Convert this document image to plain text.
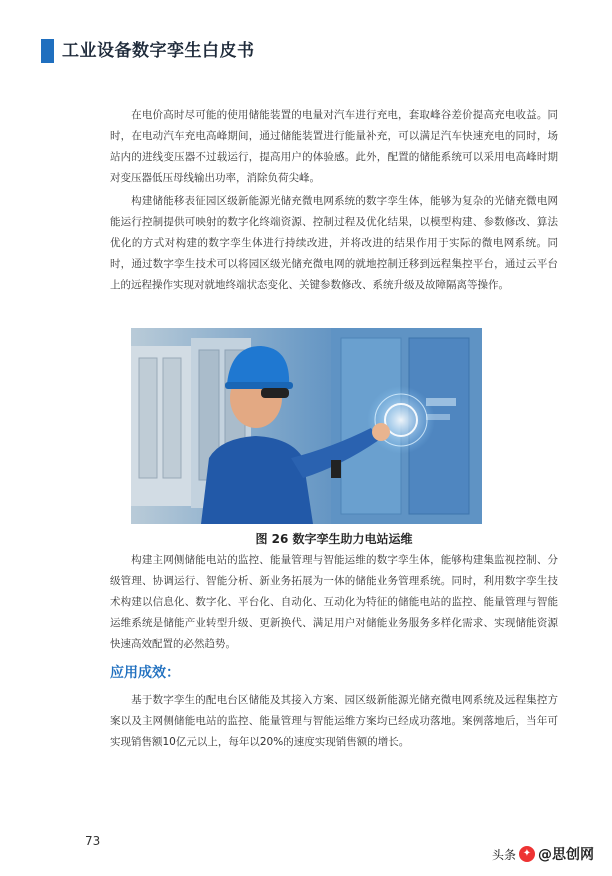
工业设备数字孪生白皮书

在电价高时尽可能的使用储能装置的电量对汽车进行充电，套取峰谷差价提高充电收益。同时，在电动汽车充电高峰期间，通过储能装置进行能量补充，可以满足汽车快速充电的同时，场站内的进线变压器不过载运行，提高用户的体验感。此外，配置的储能系统可以采用电高峰时期对变压器低压母线输出功率，消除负荷尖峰。

构建储能移表征园区级新能源光储充微电网系统的数字孪生体，能够为复杂的光储充微电网能运行控制提供可映射的数字化终端资源、控制过程及优化结果，以模型构建、参数修改、算法优化的方式对构建的数字孪生体进行持续改进，并将改进的结果作用于实际的微电网系统。同时，通过数字孪生技术可以将园区级光储充微电网的就地控制迁移到远程集控平台，通过云平台上的远程操作实现对就地终端状态变化、关键参数修改、系统升级及故障隔离等操作。

图 26 数字孪生助力电站运维

构建主网侧储能电站的监控、能量管理与智能运维的数字孪生体，能够构建集监视控制、分级管理、协调运行、智能分析、新业务拓展为一体的储能业务管理系统。同时，利用数字孪生技术构建以信息化、数字化、平台化、自动化、互动化为特征的储能电站的监控、能量管理与智能运维系统是储能产业转型升级、更新换代、满足用户对储能业务服务多样化需求、实现储能资源快速高效配置的必然趋势。

应用成效：

基于数字孪生的配电台区储能及其接入方案、园区级新能源光储充微电网系统及远程集控方案以及主网侧储能电站的监控、能量管理与智能运维方案均已经成功落地。案例落地后，当年可实现销售额10亿元以上，每年以20%的速度实现销售额的增长。

73
头条 ✦ @思创网
